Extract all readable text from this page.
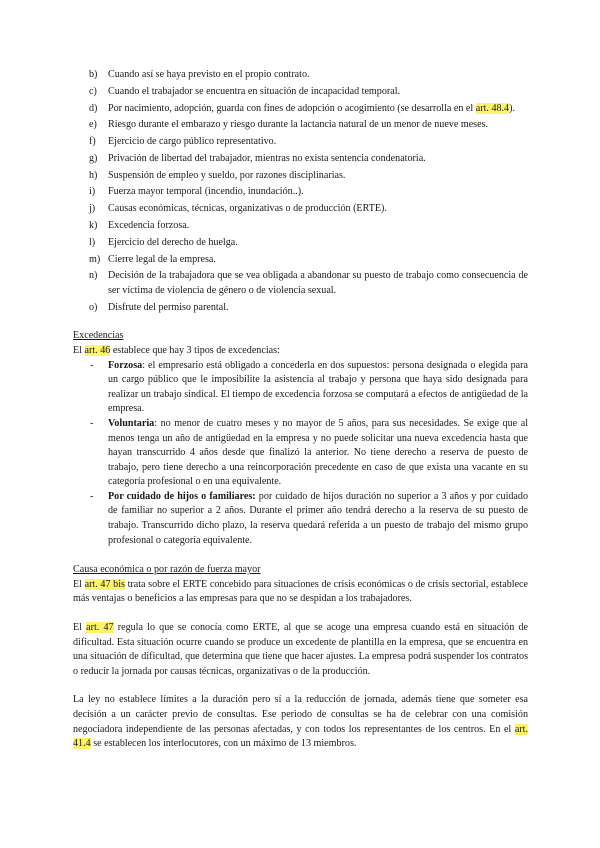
b) Cuando así se haya previsto en el propio contrato.
c) Cuando el trabajador se encuentra en situación de incapacidad temporal.
d) Por nacimiento, adopción, guarda con fines de adopción o acogimiento (se desarrolla en el art. 48.4).
e) Riesgo durante el embarazo y riesgo durante la lactancia natural de un menor de nueve meses.
f) Ejercicio de cargo público representativo.
g) Privación de libertad del trabajador, mientras no exista sentencia condenatoria.
h) Suspensión de empleo y sueldo, por razones disciplinarias.
i) Fuerza mayor temporal (incendio, inundación..).
j) Causas económicas, técnicas, organizativas o de producción (ERTE).
k) Excedencia forzosa.
l) Ejercicio del derecho de huelga.
m) Cierre legal de la empresa.
n) Decisión de la trabajadora que se vea obligada a abandonar su puesto de trabajo como consecuencia de ser víctima de violencia de género o de violencia sexual.
o) Disfrute del permiso parental.
Excedencias

El art. 46 establece que hay 3 tipos de excedencias:

- Forzosa: el empresario está obligado a concederla en dos supuestos: persona designada o elegida para un cargo público que le imposibilite la asistencia al trabajo y persona que haya sido designada para realizar un trabajo sindical. El tiempo de excedencia forzosa se computará a efectos de antigüedad de la empresa.
- Voluntaria: no menor de cuatro meses y no mayor de 5 años, para sus necesidades. Se exige que al menos tenga un año de antigüedad en la empresa y no puede solicitar una nueva excedencia hasta que hayan transcurrido 4 años desde que finalizó la anterior. No tiene derecho a reserva de puesto de trabajo, pero tiene derecho a una reincorporación precedente en caso de que exista una vacante en su categoría profesional o en una equivalente.
- Por cuidado de hijos o familiares: por cuidado de hijos duración no superior a 3 años y por cuidado de familiar no superior a 2 años. Durante el primer año tendrá derecho a la reserva de su puesto de trabajo. Transcurrido dicho plazo, la reserva quedará referida a un puesto de trabajo del mismo grupo profesional o categoría equivalente.
Causa económica o por razón de fuerza mayor

El art. 47 bis trata sobre el ERTE concebido para situaciones de crisis económicas o de crisis sectorial, establece más ventajas o beneficios a las empresas para que no se despidan a los trabajadores.

El art. 47 regula lo que se conocía como ERTE, al que se acoge una empresa cuando está en situación de dificultad. Esta situación ocurre cuando se produce un excedente de plantilla en la empresa, que se encuentra en una situación de dificultad, que determina que tiene que hacer ajustes. La empresa podrá suspender los contratos o reducir la jornada por causas técnicas, organizativas o de la producción.

La ley no establece límites a la duración pero sí a la reducción de jornada, además tiene que someter esa decisión a un carácter previo de consultas. Ese periodo de consultas se ha de celebrar con una comisión negociadora independiente de las personas afectadas, y con todos los representantes de los centros. En el art. 41.4 se establecen los interlocutores, con un máximo de 13 miembros.
